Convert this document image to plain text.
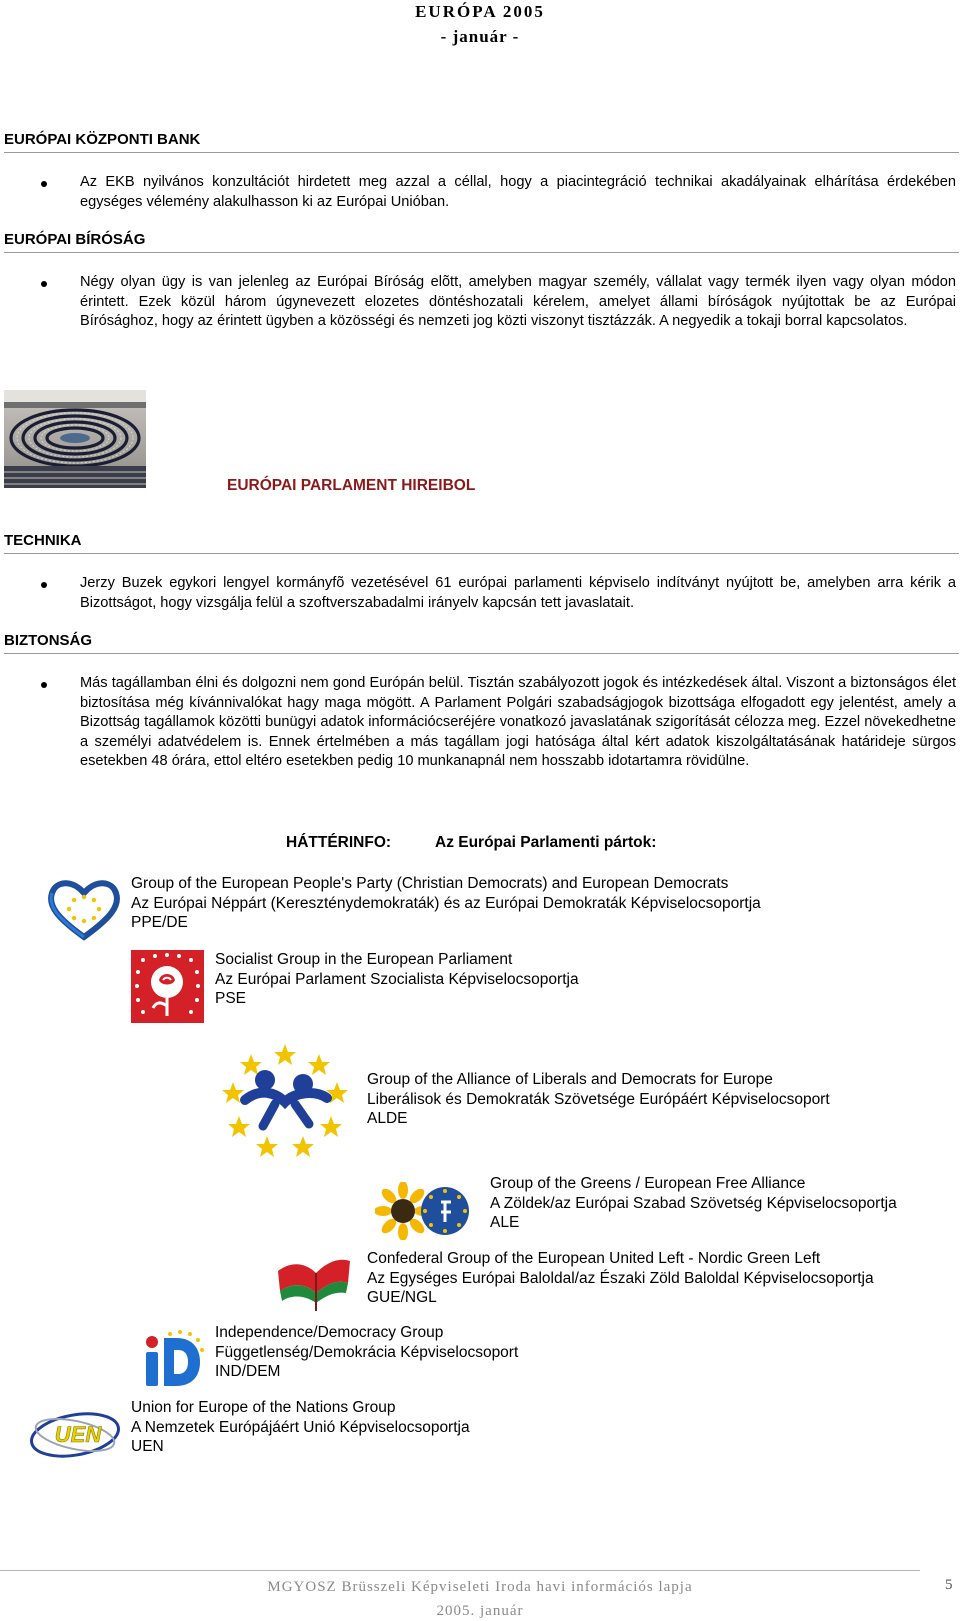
EURÓPA 2005
- január -
EURÓPAI KÖZPONTI BANK
Az EKB nyilvános konzultációt hirdetett meg azzal a céllal, hogy a piacintegráció technikai akadályainak elhárítása érdekében egységes vélemény alakulhasson ki az Európai Unióban.
EURÓPAI BÍRÓSÁG
Négy olyan ügy is van jelenleg az Európai Bíróság elõtt, amelyben magyar személy, vállalat vagy termék ilyen vagy olyan módon érintett. Ezek közül három úgynevezett elozetes döntéshozatali kérelem, amelyet állami bíróságok nyújtottak be az Európai Bírósághoz, hogy az érintett ügyben a közösségi és nemzeti jog közti viszonyt tisztázzák. A negyedik a tokaji borral kapcsolatos.
EURÓPAI PARLAMENT HIREIBOL
TECHNIKA
Jerzy Buzek egykori lengyel kormányfõ vezetésével 61 európai parlamenti képviselo indítványt nyújtott be, amelyben arra kérik a Bizottságot, hogy vizsgálja felül a szoftverszabadalmi irányelv kapcsán tett javaslatait.
BIZTONSÁG
Más tagállamban élni és dolgozni nem gond Európán belül. Tisztán szabályozott jogok és intézkedések által. Viszont a biztonságos élet biztosítása még kívánnivalókat hagy maga mögött. A Parlament Polgári szabadságjogok bizottsága elfogadott egy jelentést, amely a Bizottság tagállamok közötti bunügyi adatok információcseréjére vonatkozó javaslatának szigorítását célozza meg. Ezzel növekedhetne a személyi adatvédelem is. Ennek értelmében a más tagállam jogi hatósága által kért adatok kiszolgáltatásának határideje sürgos esetekben 48 órára, ettol eltéro esetekben pedig 10 munkanapnál nem hosszabb idotartamra rövidülne.
HÁTTÉRINFO:	Az Európai Parlamenti pártok:
Group of the European People's Party (Christian Democrats) and European Democrats
Az Európai Néppárt (Kereszténydemokraták) és az Európai Demokraták Képviselocsoportja
PPE/DE
Socialist Group in the European Parliament
Az Európai Parlament Szocialista Képviselocsoportja
PSE
Group of the Alliance of Liberals and Democrats for Europe
Liberálisok és Demokraták Szövetsége Európáért Képviselocsoport
ALDE
Group of the Greens / European Free Alliance
A Zöldek/az Európai Szabad Szövetség Képviselocsoportja
ALE
Confederal Group of the European United Left - Nordic Green Left
Az Egységes Európai Baloldal/az Északi Zöld Baloldal Képviselocsoportja
GUE/NGL
Independence/Democracy Group
Függetlenség/Demokrácia Képviselocsoport
IND/DEM
UEN
Union for Europe of the Nations Group
A Nemzetek Európájáért Unió Képviselocsoportja
UEN
MGYOSZ Brüsszeli Képviseleti Iroda havi információs lapja
2005. január
5
